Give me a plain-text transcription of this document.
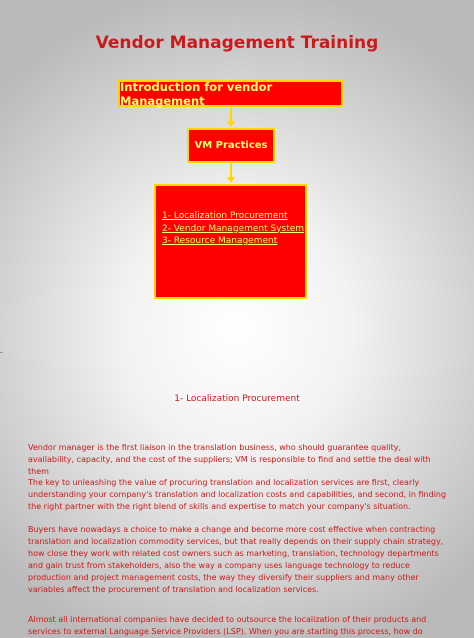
Vendor Management Training
Introduction for vendor Management
VM Practices
1- Localization Procurement
2- Vendor Management System
3- Resource Management
1- Localization Procurement

Vendor manager is the first liaison in the translation business, who should guarantee quality, availability, capacity, and the cost of the suppliers; VM is responsible to find and settle the deal with them

The key to unleashing the value of procuring translation and localization services are first, clearly understanding your company's translation and localization costs and capabilities, and second, in finding the right partner with the right blend of skills and expertise to match your company's situation.

Buyers have nowadays a choice to make a change and become more cost effective when contracting translation and localization commodity services, but that really depends on their supply chain strategy, how close they work with related cost owners such as marketing, translation, technology departments and gain trust from stakeholders, also the way a company uses language technology to reduce production and project management costs, the way they diversify their suppliers and many other variables affect the procurement of translation and localization services.

Almost all international companies have decided to outsource the localization of their products and services to external Language Service Providers (LSP). When you are starting this process, how do
